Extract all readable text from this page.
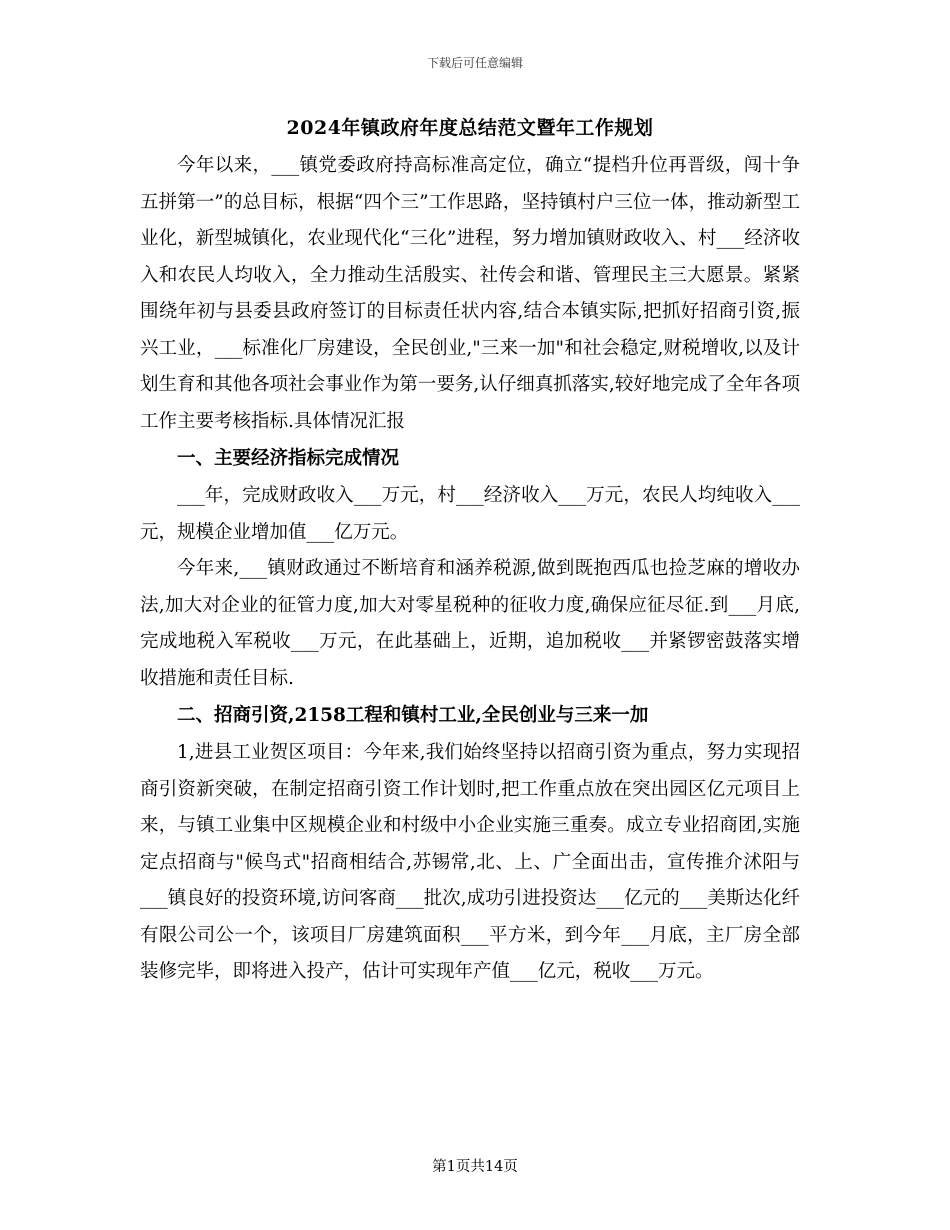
下载后可任意编辑
2024年镇政府年度总结范文暨年工作规划

今年以来，___镇党委政府持高标准高定位，确立“提档升位再晋级，闯十争五拼第一”的总目标，根据“四个三”工作思路，坚持镇村户三位一体，推动新型工业化，新型城镇化，农业现代化“三化”进程，努力增加镇财政收入、村___经济收入和农民人均收入，全力推动生活殷实、社传会和谐、管理民主三大愿景。紧紧围绕年初与县委县政府签订的目标责任状内容,结合本镇实际,把抓好招商引资,振兴工业，___标准化厂房建设，全民创业,"三来一加"和社会稳定,财税增收,以及计划生育和其他各项社会事业作为第一要务,认仔细真抓落实,较好地完成了全年各项工作主要考核指标.具体情况汇报

一、主要经济指标完成情况

___年，完成财政收入___万元，村___经济收入___万元，农民人均纯收入___元，规模企业增加值___亿万元。

今年来,___镇财政通过不断培育和涵养税源,做到既抱西瓜也捡芝麻的增收办法,加大对企业的征管力度,加大对零星税种的征收力度,确保应征尽征.到___月底,完成地税入军税收___万元，在此基础上，近期，追加税收___并紧锣密鼓落实增收措施和责任目标.

二、招商引资,2158工程和镇村工业,全民创业与三来一加

1,进县工业贺区项目：今年来,我们始终坚持以招商引资为重点，努力实现招商引资新突破，在制定招商引资工作计划时,把工作重点放在突出园区亿元项目上来，与镇工业集中区规模企业和村级中小企业实施三重奏。成立专业招商团,实施定点招商与"候鸟式"招商相结合,苏锡常,北、上、广全面出击，宣传推介沭阳与___镇良好的投资环境,访问客商___批次,成功引进投资达___亿元的___美斯达化纤有限公司公一个，该项目厂房建筑面积___平方米，到今年___月底，主厂房全部装修完毕，即将进入投产，估计可实现年产值___亿元，税收___万元。

第1页共14页
